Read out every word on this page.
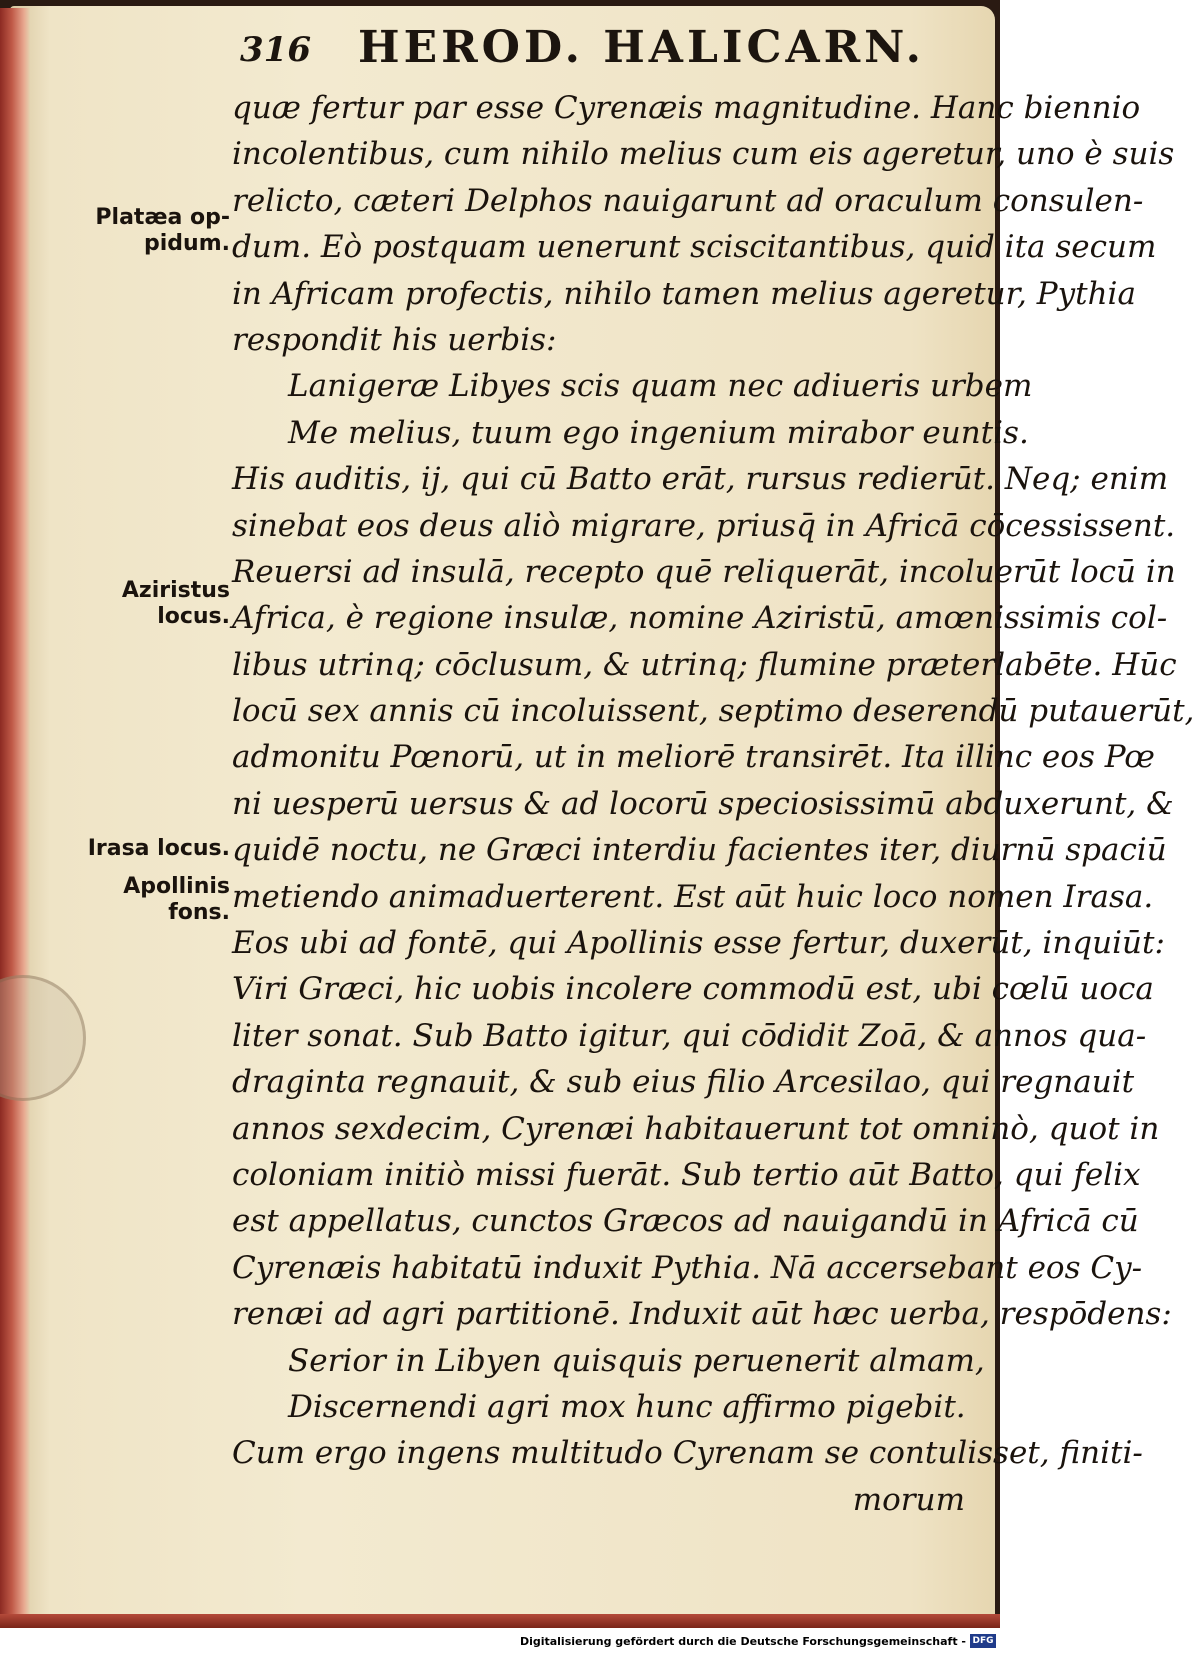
316 HEROD. HALICARN.
Platæa op-
pidum.
Aziristus
locus.
Irasa locus.
Apollinis
fons.
quæ fertur par esse Cyrenæis magnitudine. Hanc biennio
incolentibus, cum nihilo melius cum eis ageretur, uno è suis
relicto, cæteri Delphos nauigarunt ad oraculum consulen-
dum. Eò postquam uenerunt sciscitantibus, quid ita secum
in Africam profectis, nihilo tamen melius ageretur, Pythia
respondit his uerbis:
Lanigeræ Libyes scis quam nec adiueris urbem
Me melius, tuum ego ingenium mirabor euntis.
His auditis, ij, qui cū Batto erāt, rursus redierūt. Neq; enim
sinebat eos deus aliò migrare, priusq̄ in Africā cōcessissent.
Reuersi ad insulā, recepto quē reliquerāt, incoluerūt locū in
Africa, è regione insulæ, nomine Aziristū, amœnissimis col-
libus utrinq; cōclusum, & utrinq; flumine præterlabēte. Hūc
locū sex annis cū incoluissent, septimo deserendū putauerūt,
admonitu Pœnorū, ut in meliorē transirēt. Ita illinc eos Pœ
ni uesperū uersus & ad locorū speciosissimū abduxerunt, &
quidē noctu, ne Græci interdiu facientes iter, diurnū spaciū
metiendo animaduerterent. Est aūt huic loco nomen Irasa.
Eos ubi ad fontē, qui Apollinis esse fertur, duxerūt, inquiūt:
Viri Græci, hic uobis incolere commodū est, ubi cœlū uoca
liter sonat. Sub Batto igitur, qui cōdidit Zoā, & annos qua-
draginta regnauit, & sub eius filio Arcesilao, qui regnauit
annos sexdecim, Cyrenæi habitauerunt tot omninò, quot in
coloniam initiò missi fuerāt. Sub tertio aūt Batto, qui felix
est appellatus, cunctos Græcos ad nauigandū in Africā cū
Cyrenæis habitatū induxit Pythia. Nā accersebant eos Cy-
renæi ad agri partitionē. Induxit aūt hæc uerba, respōdens:
Serior in Libyen quisquis peruenerit almam,
Discernendi agri mox hunc affirmo pigebit.
Cum ergo ingens multitudo Cyrenam se contulisset, finiti-
morum
Digitalisierung gefördert durch die Deutsche Forschungsgemeinschaft - DFG
